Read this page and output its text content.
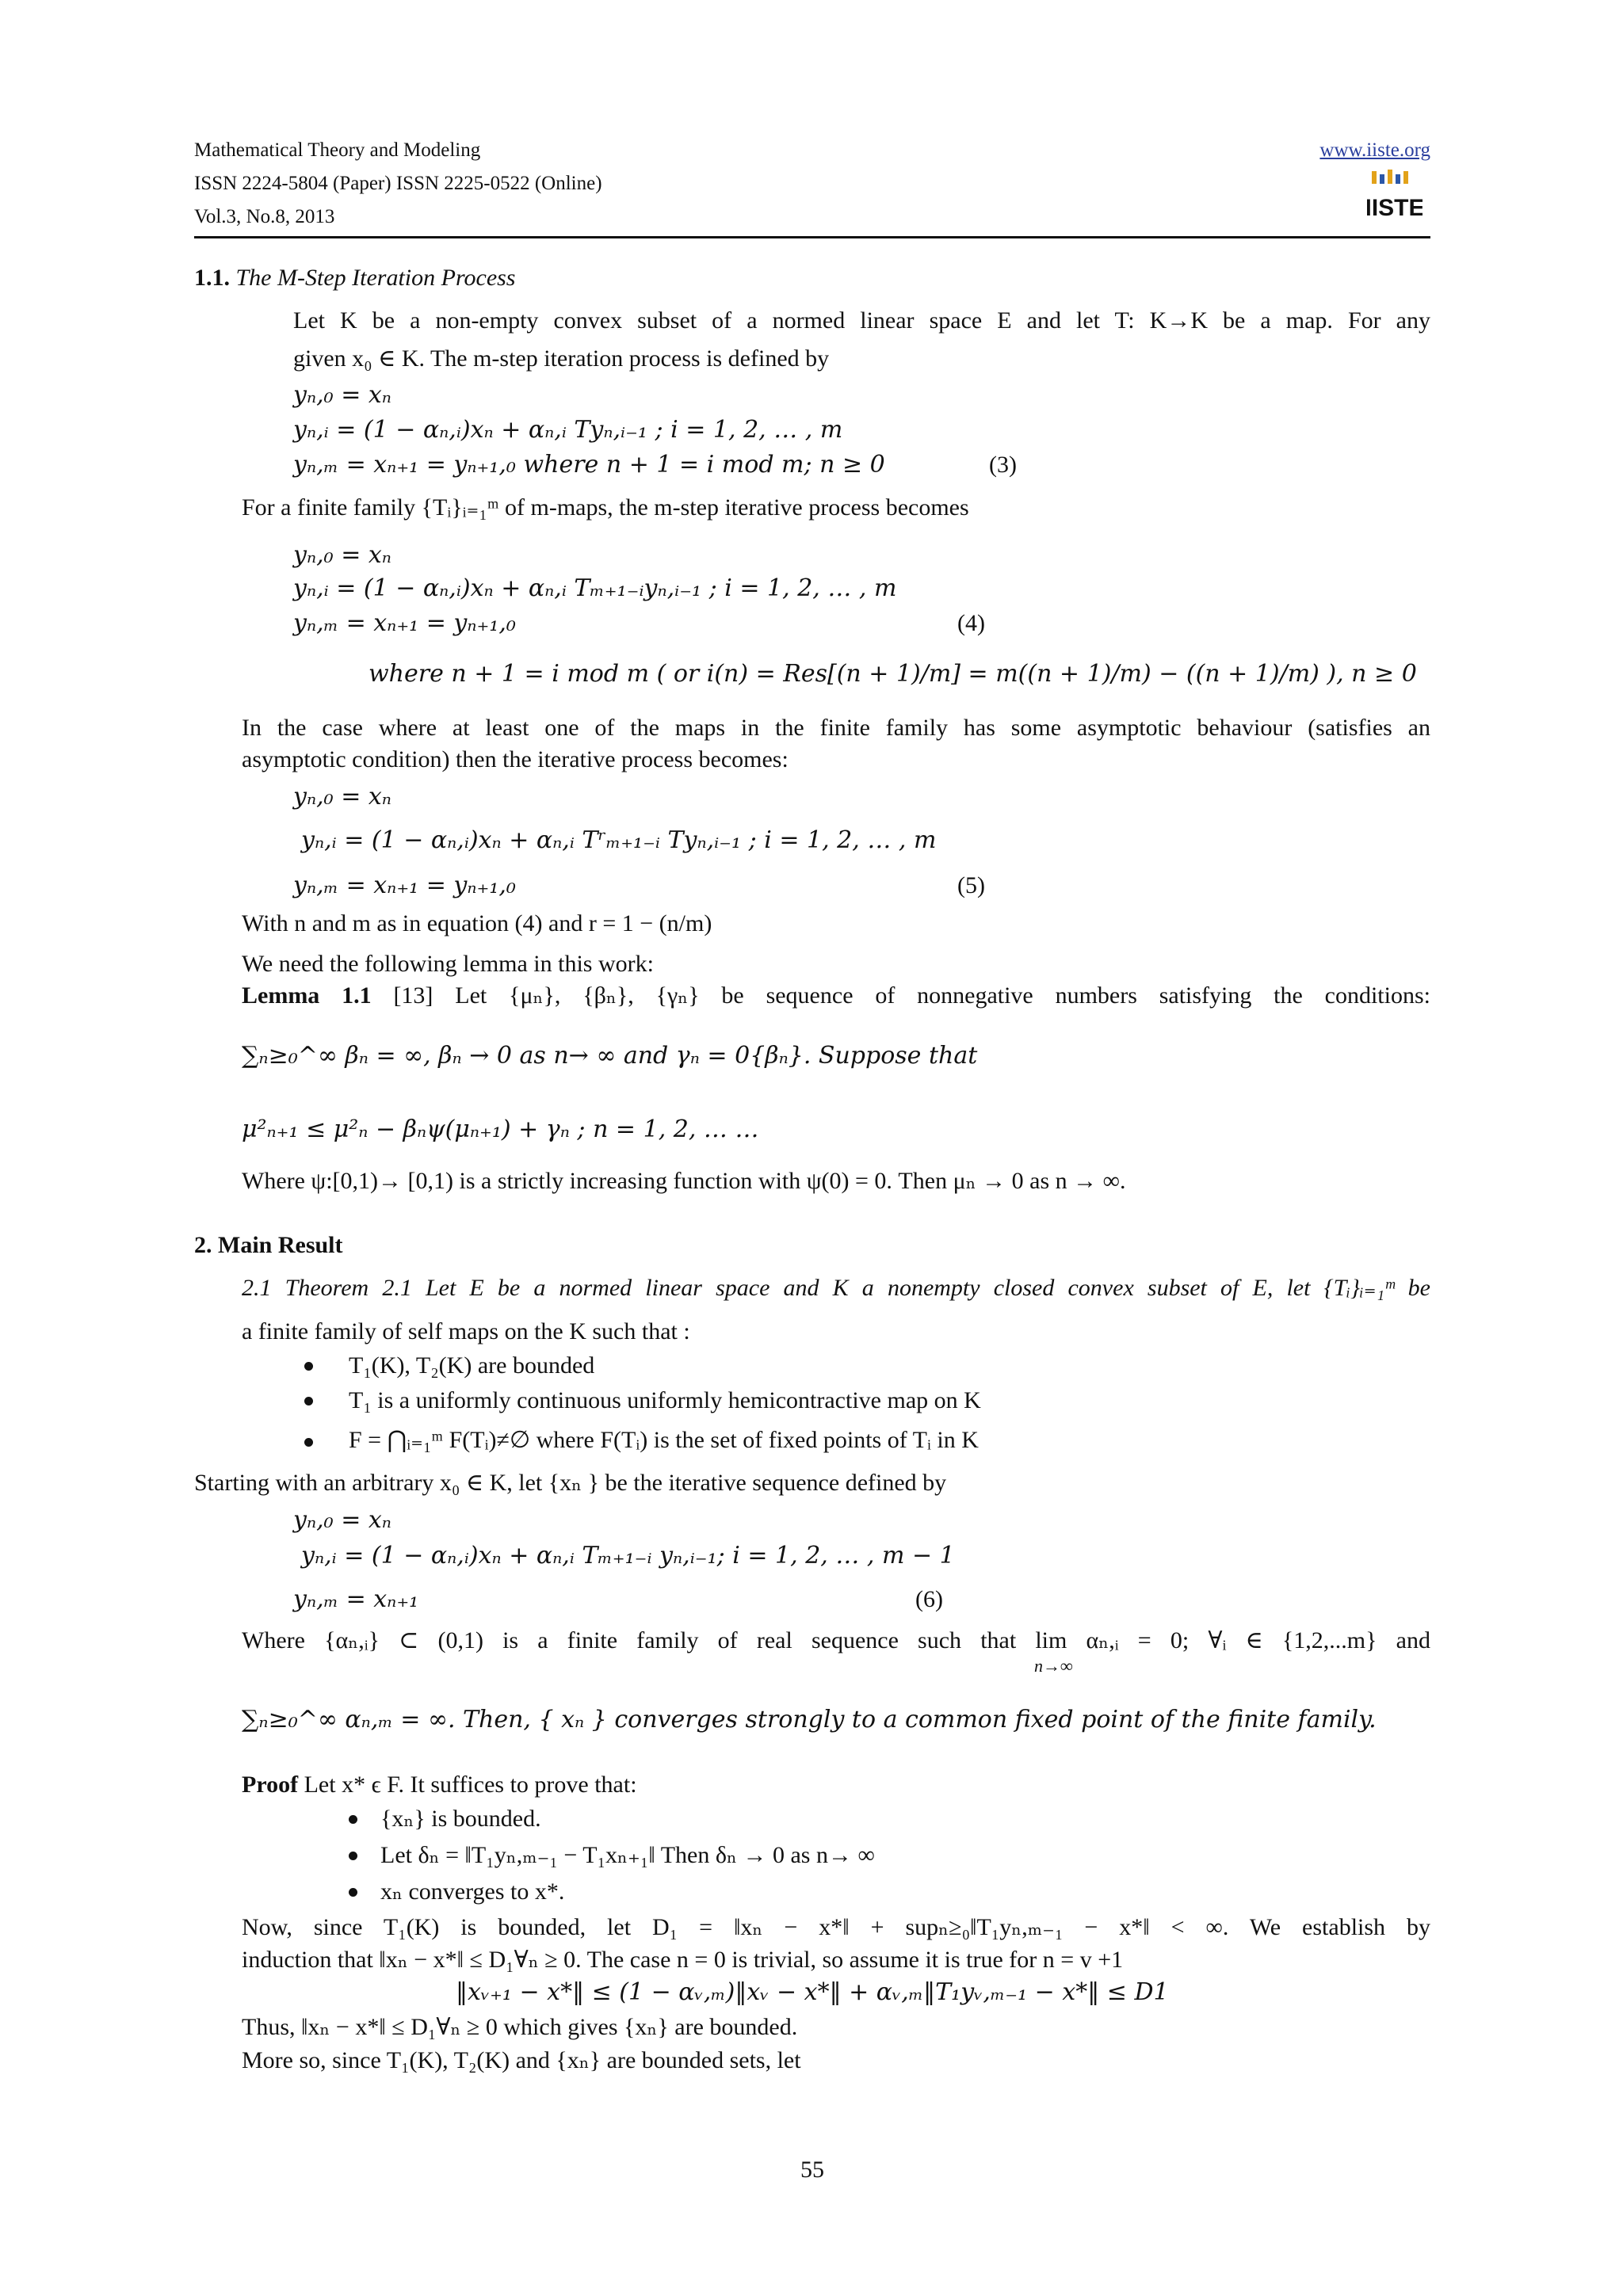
Mathematical Theory and Modeling
ISSN 2224-5804 (Paper) ISSN 2225-0522 (Online)
Vol.3, No.8, 2013
www.iiste.org
IISTE
1.1. The M-Step Iteration Process
Let K be a non-empty convex subset of a normed linear space E and let T: K→K be a map. For any
given x₀ ∈ K. The m-step iteration process is defined by
yₙ,₀ = xₙ
yₙ,ᵢ = (1 − αₙ,ᵢ)xₙ + αₙ,ᵢ Tyₙ,ᵢ₋₁ ; i = 1, 2, … , m
yₙ,ₘ = xₙ₊₁ = yₙ₊₁,₀ where n + 1 = i mod m; n ≥ 0	(3)
For a finite family {Tᵢ}ᵢ₌₁ᵐ of m-maps, the m-step iterative process becomes
yₙ,₀ = xₙ
yₙ,ᵢ = (1 − αₙ,ᵢ)xₙ + αₙ,ᵢ Tₘ₊₁₋ᵢyₙ,ᵢ₋₁ ; i = 1, 2, … , m
yₙ,ₘ = xₙ₊₁ = yₙ₊₁,₀	(4)
where n + 1 = i mod m ( or i(n) = Res[(n + 1)/m] = m((n + 1)/m) − ((n + 1)/m) ), n ≥ 0
In the case where at least one of the maps in the finite family has some asymptotic behaviour (satisfies an
asymptotic condition) then the iterative process becomes:
yₙ,₀ = xₙ
yₙ,ᵢ = (1 − αₙ,ᵢ)xₙ + αₙ,ᵢ Tʳₘ₊₁₋ᵢ Tyₙ,ᵢ₋₁ ; i = 1, 2, … , m
yₙ,ₘ = xₙ₊₁ = yₙ₊₁,₀	(5)
With n and m as in equation (4) and r = 1 − (n/m)
We need the following lemma in this work:
Lemma 1.1 [13] Let {μₙ}, {βₙ}, {γₙ} be sequence of nonnegative numbers satisfying the conditions:
∑ₙ≥₀^∞ βₙ = ∞, βₙ → 0 as n→ ∞ and γₙ = 0{βₙ}. Suppose that
μ²ₙ₊₁ ≤ μ²ₙ − βₙψ(μₙ₊₁) + γₙ ; n = 1, 2, … …
Where ψ:[0,1)→ [0,1) is a strictly increasing function with ψ(0) = 0. Then μₙ → 0 as n → ∞.
2. Main Result
2.1 Theorem 2.1 Let E be a normed linear space and K a nonempty closed convex subset of E, let {Tᵢ}ᵢ₌₁ᵐ be
a finite family of self maps on the K such that :
T₁(K), T₂(K) are bounded
T₁ is a uniformly continuous uniformly hemicontractive map on K
F = ⋂ᵢ₌₁ᵐ F(Tᵢ)≠∅ where F(Tᵢ) is the set of fixed points of Tᵢ in K
Starting with an arbitrary x₀ ∈ K, let {xₙ } be the iterative sequence defined by
yₙ,₀ = xₙ
yₙ,ᵢ = (1 − αₙ,ᵢ)xₙ + αₙ,ᵢ Tₘ₊₁₋ᵢ yₙ,ᵢ₋₁; i = 1, 2, … , m − 1
yₙ,ₘ = xₙ₊₁	(6)
Where {αₙ,ᵢ} ⊂ (0,1) is a finite family of real sequence such that lim αₙ,ᵢ = 0; ∀ᵢ ∈ {1,2,...m} and
n→∞
∑ₙ≥₀^∞ αₙ,ₘ = ∞. Then, { xₙ } converges strongly to a common fixed point of the finite family.
Proof Let x* ϵ F. It suffices to prove that:
{xₙ} is bounded.
Let δₙ = ‖T₁yₙ,ₘ₋₁ − T₁xₙ₊₁‖ Then δₙ → 0 as n→ ∞
xₙ converges to x*.
Now, since T₁(K) is bounded, let D₁ = ‖xₙ − x*‖ + supₙ≥₀‖T₁yₙ,ₘ₋₁ − x*‖ < ∞. We establish by
induction that ‖xₙ − x*‖ ≤ D₁∀ₙ ≥ 0. The case n = 0 is trivial, so assume it is true for n = v +1
‖xᵥ₊₁ − x*‖ ≤ (1 − αᵥ,ₘ)‖xᵥ − x*‖ + αᵥ,ₘ‖T₁yᵥ,ₘ₋₁ − x*‖ ≤ D1
Thus, ‖xₙ − x*‖ ≤ D₁∀ₙ ≥ 0 which gives {xₙ} are bounded.
More so, since T₁(K), T₂(K) and {xₙ} are bounded sets, let
55
